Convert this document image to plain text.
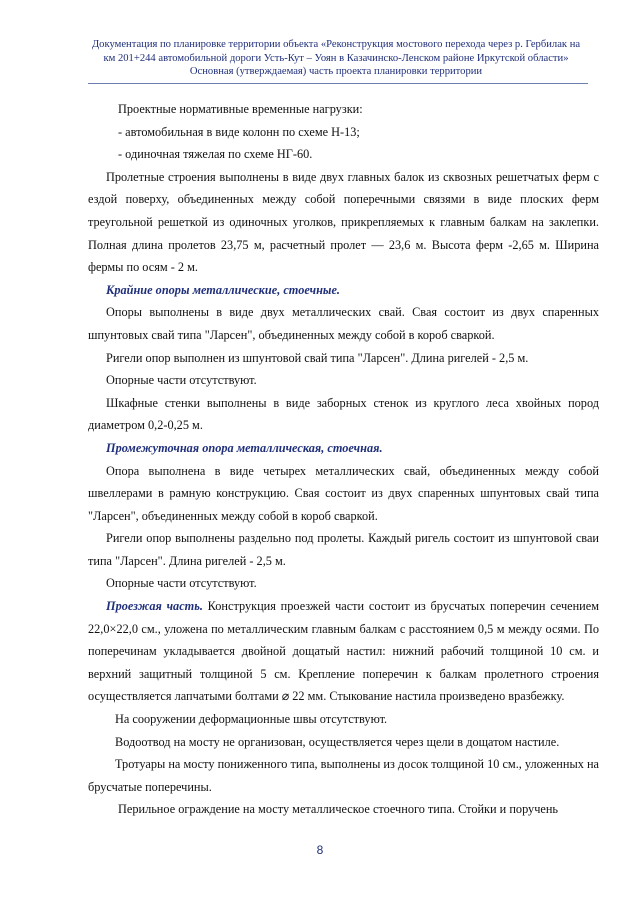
Документация по планировке территории объекта «Реконструкция мостового перехода через р. Гербилак на
км 201+244 автомобильной дороги Усть-Кут – Уоян в Казачинско-Ленском районе Иркутской области»
Основная (утверждаемая) часть проекта планировки территории

Проектные нормативные временные нагрузки:

- автомобильная в виде колонн по схеме Н-13;

- одиночная тяжелая по схеме НГ-60.

Пролетные строения выполнены в виде двух главных балок из сквозных решетчатых ферм с ездой поверху, объединенных между собой поперечными связями в виде плоских ферм треугольной решеткой из одиночных уголков, прикрепляемых к главным балкам на заклепки. Полная длина пролетов 23,75 м, расчетный пролет — 23,6 м. Высота ферм -2,65 м. Ширина фермы по осям - 2 м.

Крайние опоры металлические, стоечные.

Опоры выполнены в виде двух металлических свай. Свая состоит из двух спаренных шпунтовых свай типа "Ларсен", объединенных между собой в короб сваркой.

Ригели опор выполнен из шпунтовой свай типа "Ларсен". Длина ригелей - 2,5 м.

Опорные части отсутствуют.

Шкафные стенки выполнены в виде заборных стенок из круглого леса хвойных пород диаметром 0,2-0,25 м.

Промежуточная опора металлическая, стоечная.

Опора выполнена в виде четырех металлических свай, объединенных между собой швеллерами в рамную конструкцию. Свая состоит из двух спаренных шпунтовых свай типа "Ларсен", объединенных между собой в короб сваркой.

Ригели опор выполнены раздельно под пролеты. Каждый ригель состоит из шпунтовой сваи типа "Ларсен". Длина ригелей - 2,5 м.

Опорные части отсутствуют.

Проезжая часть. Конструкция проезжей части состоит из брусчатых поперечин сечением 22,0×22,0 см., уложена по металлическим главным балкам с расстоянием 0,5 м между осями. По поперечинам укладывается двойной дощатый настил: нижний рабочий толщиной 10 см. и верхний защитный толщиной 5 см. Крепление поперечин к балкам пролетного строения осуществляется лапчатыми болтами ⌀ 22 мм. Стыкование настила произведено вразбежку.

На сооружении деформационные швы отсутствуют.

Водоотвод на мосту не организован, осуществляется через щели в дощатом настиле.

Тротуары на мосту пониженного типа, выполнены из досок толщиной 10 см., уложенных на брусчатые поперечины.

Перильное ограждение на мосту металлическое стоечного типа. Стойки и поручень

8
